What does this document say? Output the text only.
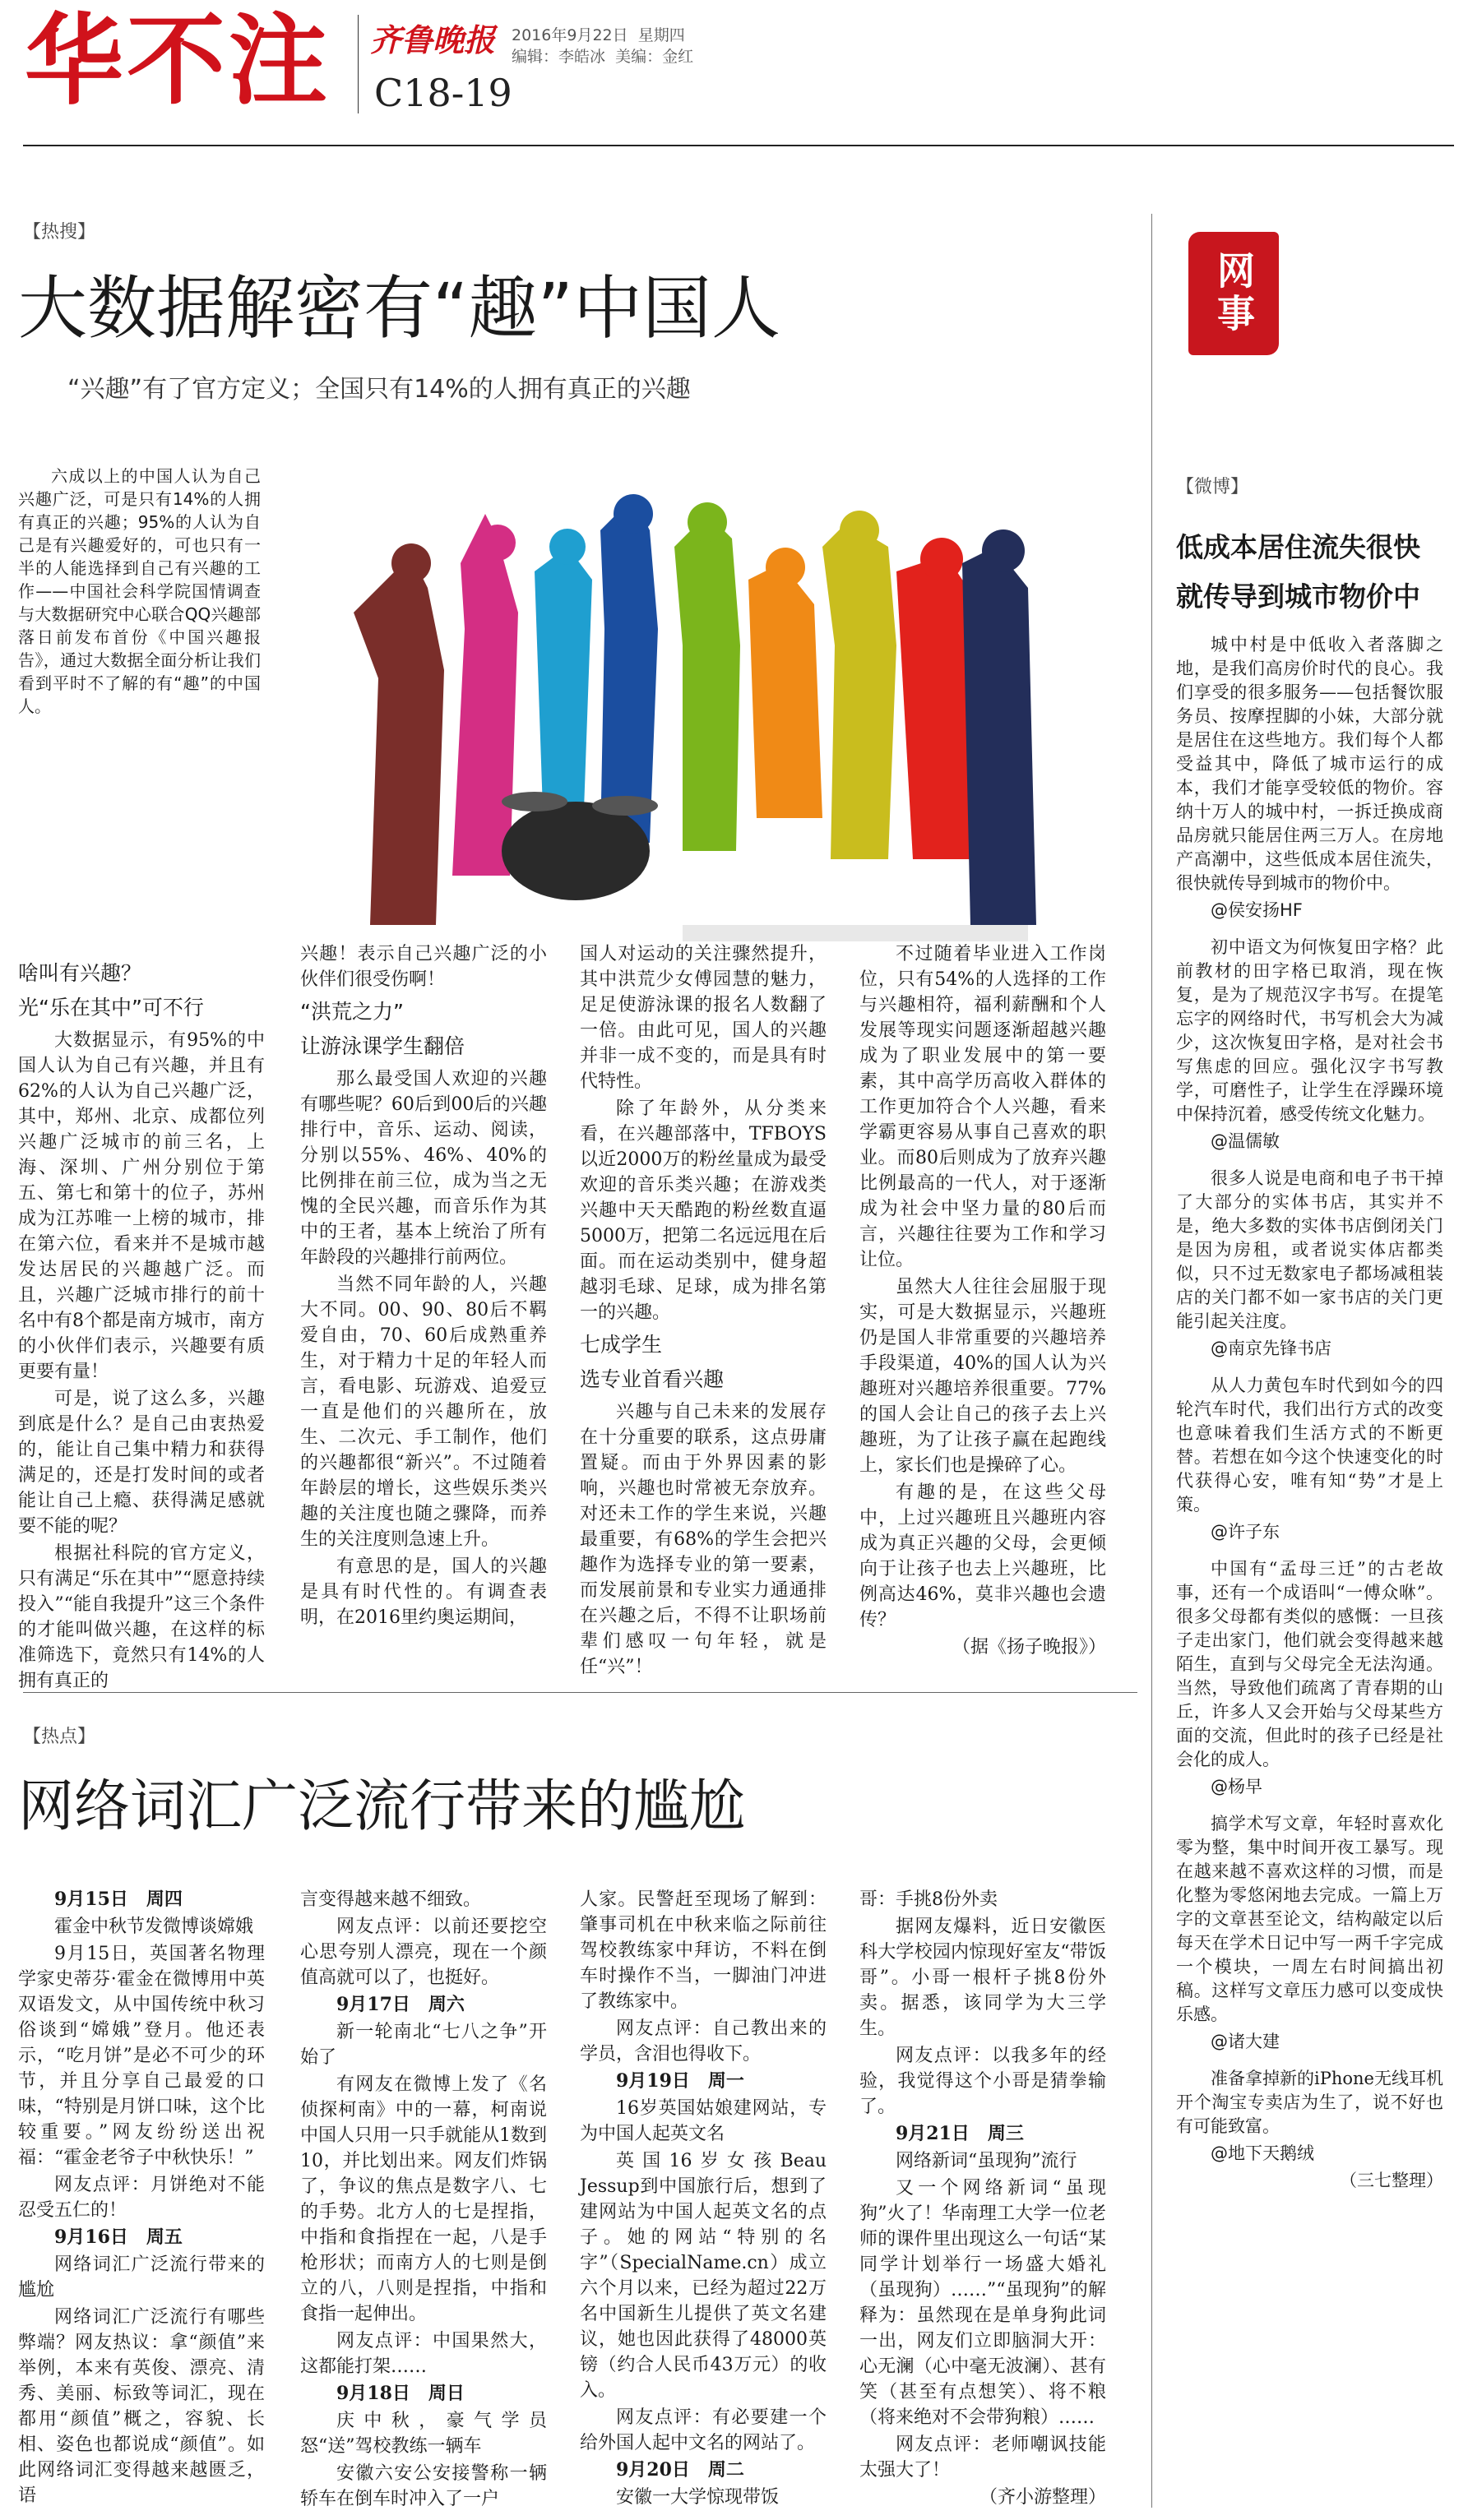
华不注 齐鲁晚报 2016年9月22日 星期四
编辑：李皓冰 美编：金红
C18-19
【热搜】
大数据解密有“趣”中国人
“兴趣”有了官方定义；全国只有14%的人拥有真正的兴趣
六成以上的中国人认为自己兴趣广泛，可是只有14%的人拥有真正的兴趣；95%的人认为自己是有兴趣爱好的，可也只有一半的人能选择到自己有兴趣的工作——中国社会科学院国情调查与大数据研究中心联合QQ兴趣部落日前发布首份《中国兴趣报告》，通过大数据全面分析让我们看到平时不了解的有“趣”的中国人。
啥叫有兴趣？
光“乐在其中”可不行

大数据显示，有95%的中国人认为自己有兴趣，并且有62%的人认为自己兴趣广泛，其中，郑州、北京、成都位列兴趣广泛城市的前三名，上海、深圳、广州分别位于第五、第七和第十的位子，苏州成为江苏唯一上榜的城市，排在第六位，看来并不是城市越发达居民的兴趣越广泛。而且，兴趣广泛城市排行的前十名中有8个都是南方城市，南方的小伙伴们表示，兴趣要有质更要有量！

可是，说了这么多，兴趣到底是什么？是自己由衷热爱的，能让自己集中精力和获得满足的，还是打发时间的或者能让自己上瘾、获得满足感就要不能的呢？

根据社科院的官方定义，只有满足“乐在其中”“愿意持续投入”“能自我提升”这三个条件的才能叫做兴趣，在这样的标准筛选下，竟然只有14%的人拥有真正的

兴趣！表示自己兴趣广泛的小伙伴们很受伤啊！

“洪荒之力”
让游泳课学生翻倍

那么最受国人欢迎的兴趣有哪些呢？60后到00后的兴趣排行中，音乐、运动、阅读，分别以55%、46%、40%的比例排在前三位，成为当之无愧的全民兴趣，而音乐作为其中的王者，基本上统治了所有年龄段的兴趣排行前两位。

当然不同年龄的人，兴趣大不同。00、90、80后不羁爱自由，70、60后成熟重养生，对于精力十足的年轻人而言，看电影、玩游戏、追爱豆一直是他们的兴趣所在，放生、二次元、手工制作，他们的兴趣都很“新兴”。不过随着年龄层的增长，这些娱乐类兴趣的关注度也随之骤降，而养生的关注度则急速上升。

有意思的是，国人的兴趣是具有时代性的。有调查表明，在2016里约奥运期间，

国人对运动的关注骤然提升，其中洪荒少女傅园慧的魅力，足足使游泳课的报名人数翻了一倍。由此可见，国人的兴趣并非一成不变的，而是具有时代特性。

除了年龄外，从分类来看，在兴趣部落中，TFBOYS以近2000万的粉丝量成为最受欢迎的音乐类兴趣；在游戏类兴趣中天天酷跑的粉丝数直逼5000万，把第二名远远甩在后面。而在运动类别中，健身超越羽毛球、足球，成为排名第一的兴趣。

七成学生
选专业首看兴趣

兴趣与自己未来的发展存在十分重要的联系，这点毋庸置疑。而由于外界因素的影响，兴趣也时常被无奈放弃。对还未工作的学生来说，兴趣最重要，有68%的学生会把兴趣作为选择专业的第一要素，而发展前景和专业实力通通排在兴趣之后，不得不让职场前辈们感叹一句年轻，就是任“兴”！

不过随着毕业进入工作岗位，只有54%的人选择的工作与兴趣相符，福利薪酬和个人发展等现实问题逐渐超越兴趣成为了职业发展中的第一要素，其中高学历高收入群体的工作更加符合个人兴趣，看来学霸更容易从事自己喜欢的职业。而80后则成为了放弃兴趣比例最高的一代人，对于逐渐成为社会中坚力量的80后而言，兴趣往往要为工作和学习让位。

虽然大人往往会屈服于现实，可是大数据显示，兴趣班仍是国人非常重要的兴趣培养手段渠道，40%的国人认为兴趣班对兴趣培养很重要。77%的国人会让自己的孩子去上兴趣班，为了让孩子赢在起跑线上，家长们也是操碎了心。

有趣的是，在这些父母中，上过兴趣班且兴趣班内容成为真正兴趣的父母，会更倾向于让孩子也去上兴趣班，比例高达46%，莫非兴趣也会遗传？

（据《扬子晚报》）

【热点】
网络词汇广泛流行带来的尴尬

9月15日　周四

霍金中秋节发微博谈嫦娥

9月15日，英国著名物理学家史蒂芬·霍金在微博用中英双语发文，从中国传统中秋习俗谈到“嫦娥”登月。他还表示，“吃月饼”是必不可少的环节，并且分享自己最爱的口味，“特别是月饼口味，这个比较重要。”网友纷纷送出祝福：“霍金老爷子中秋快乐！”

网友点评：月饼绝对不能忍受五仁的！

9月16日　周五

网络词汇广泛流行带来的尴尬

网络词汇广泛流行有哪些弊端？网友热议：拿“颜值”来举例，本来有英俊、漂亮、清秀、美丽、标致等词汇，现在都用“颜值”概之，容貌、长相、姿色也都说成“颜值”。如此网络词汇变得越来越匮乏，语

言变得越来越不细致。

网友点评：以前还要挖空心思夸别人漂亮，现在一个颜值高就可以了，也挺好。

9月17日　周六

新一轮南北“七八之争”开始了

有网友在微博上发了《名侦探柯南》中的一幕，柯南说中国人只用一只手就能从1数到10，并比划出来。网友们炸锅了，争议的焦点是数字八、七的手势。北方人的七是捏指，中指和食指捏在一起，八是手枪形状；而南方人的七则是倒立的八，八则是捏指，中指和食指一起伸出。

网友点评：中国果然大，这都能打架……

9月18日　周日

庆中秋，豪气学员怒“送”驾校教练一辆车

安徽六安公安接警称一辆轿车在倒车时冲入了一户

人家。民警赶至现场了解到：肇事司机在中秋来临之际前往驾校教练家中拜访，不料在倒车时操作不当，一脚油门冲进了教练家中。

网友点评：自己教出来的学员，含泪也得收下。

9月19日　周一

16岁英国姑娘建网站，专为中国人起英文名

英国16岁女孩Beau Jessup到中国旅行后，想到了建网站为中国人起英文名的点子。她的网站“特别的名字”（SpecialName.cn）成立六个月以来，已经为超过22万名中国新生儿提供了英文名建议，她也因此获得了48000英镑（约合人民币43万元）的收入。

网友点评：有必要建一个给外国人起中文名的网站了。

9月20日　周二

安徽一大学惊现带饭

哥：手挑8份外卖

据网友爆料，近日安徽医科大学校园内惊现好室友“带饭哥”。小哥一根杆子挑8份外卖。据悉，该同学为大三学生。

网友点评：以我多年的经验，我觉得这个小哥是猜拳输了。

9月21日　周三

网络新词“虽现狗”流行

又一个网络新词“虽现狗”火了！华南理工大学一位老师的课件里出现这么一句话“某同学计划举行一场盛大婚礼（虽现狗）……”“虽现狗”的解释为：虽然现在是单身狗此词一出，网友们立即脑洞大开：心无澜（心中毫无波澜）、甚有笑（甚至有点想笑）、将不粮（将来绝对不会带狗粮）……

网友点评：老师嘲讽技能太强大了！

（齐小游整理）

网事
【微博】
低成本居住流失很快
就传导到城市物价中

城中村是中低收入者落脚之地，是我们高房价时代的良心。我们享受的很多服务——包括餐饮服务员、按摩捏脚的小妹，大部分就是居住在这些地方。我们每个人都受益其中，降低了城市运行的成本，我们才能享受较低的物价。容纳十万人的城中村，一拆迁换成商品房就只能居住两三万人。在房地产高潮中，这些低成本居住流失，很快就传导到城市的物价中。

@侯安扬HF

初中语文为何恢复田字格？此前教材的田字格已取消，现在恢复，是为了规范汉字书写。在提笔忘字的网络时代，书写机会大为减少，这次恢复田字格，是对社会书写焦虑的回应。强化汉字书写教学，可磨性子，让学生在浮躁环境中保持沉着，感受传统文化魅力。

@温儒敏

很多人说是电商和电子书干掉了大部分的实体书店，其实并不是，绝大多数的实体书店倒闭关门是因为房租，或者说实体店都类似，只不过无数家电子都场减租装店的关门都不如一家书店的关门更能引起关注度。

@南京先锋书店

从人力黄包车时代到如今的四轮汽车时代，我们出行方式的改变也意味着我们生活方式的不断更替。若想在如今这个快速变化的时代获得心安，唯有知“势”才是上策。

@许子东

中国有“孟母三迁”的古老故事，还有一个成语叫“一傅众咻”。很多父母都有类似的感慨：一旦孩子走出家门，他们就会变得越来越陌生，直到与父母完全无法沟通。当然，导致他们疏离了青春期的山丘，许多人又会开始与父母某些方面的交流，但此时的孩子已经是社会化的成人。

@杨早

搞学术写文章，年轻时喜欢化零为整，集中时间开夜工暴写。现在越来越不喜欢这样的习惯，而是化整为零悠闲地去完成。一篇上万字的文章甚至论文，结构敲定以后每天在学术日记中写一两千字完成一个模块，一周左右时间搞出初稿。这样写文章压力感可以变成快乐感。

@诸大建

准备拿掉新的iPhone无线耳机开个淘宝专卖店为生了，说不好也有可能致富。

@地下天鹅绒

（三七整理）
